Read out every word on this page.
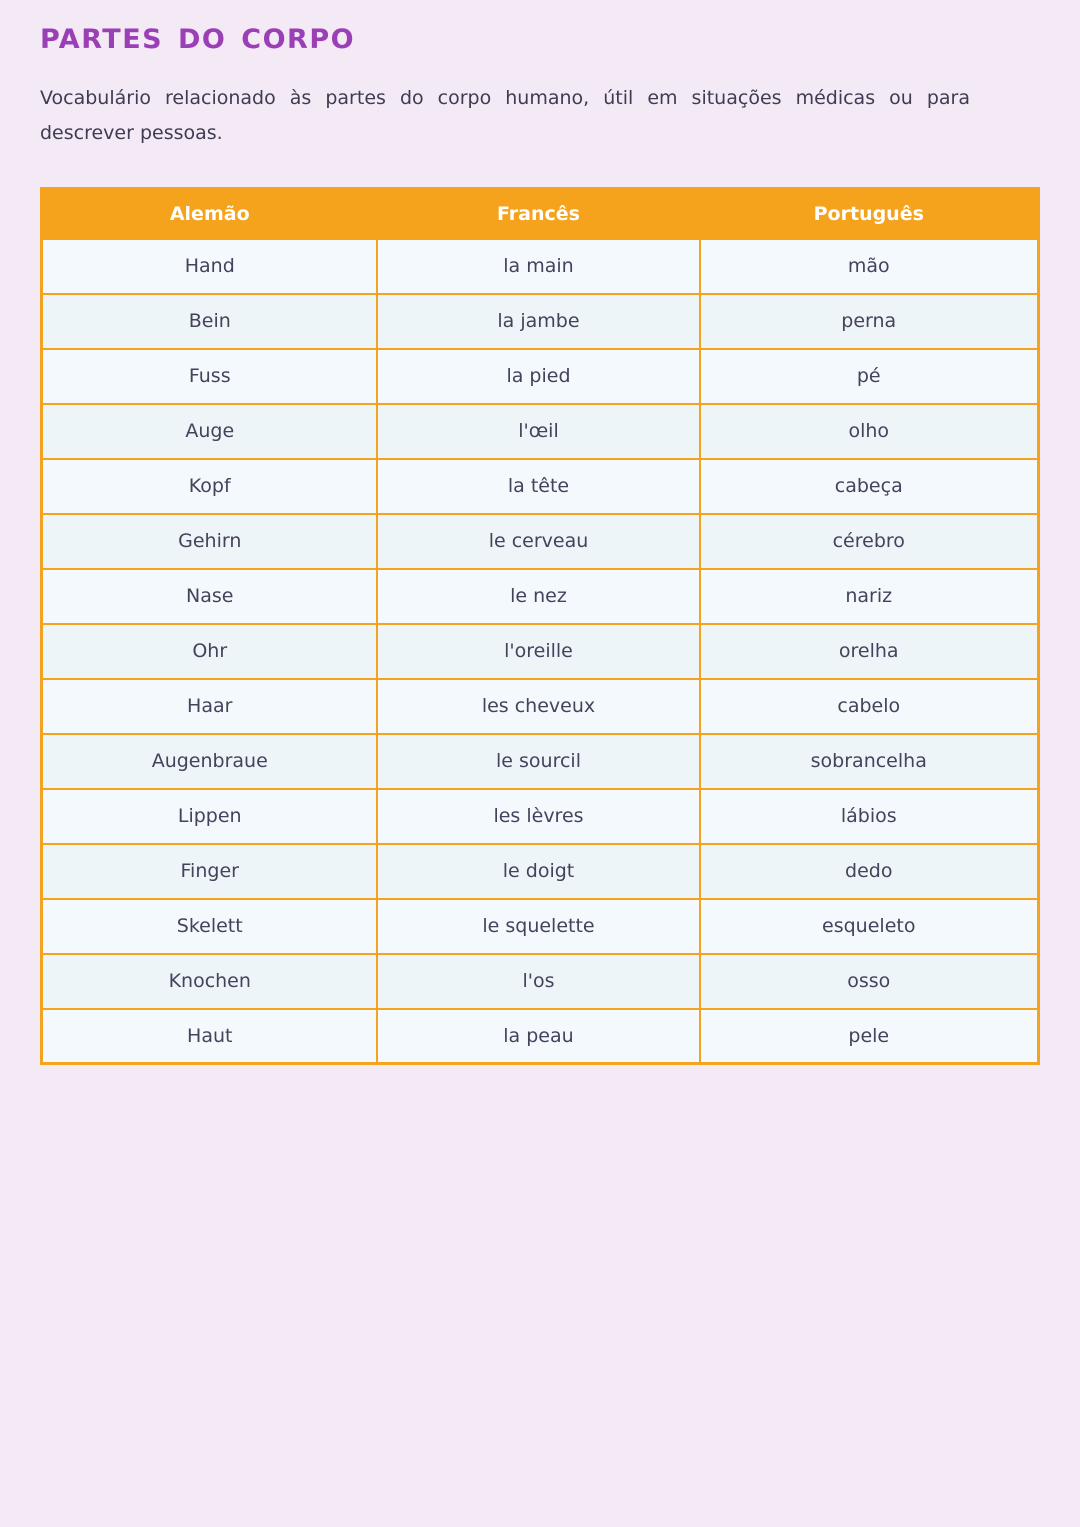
PARTES DO CORPO

Vocabulário relacionado às partes do corpo humano, útil em situações médicas ou para descrever pessoas.

Alemão	Francês	Português
Hand	la main	mão
Bein	la jambe	perna
Fuss	la pied	pé
Auge	l'œil	olho
Kopf	la tête	cabeça
Gehirn	le cerveau	cérebro
Nase	le nez	nariz
Ohr	l'oreille	orelha
Haar	les cheveux	cabelo
Augenbraue	le sourcil	sobrancelha
Lippen	les lèvres	lábios
Finger	le doigt	dedo
Skelett	le squelette	esqueleto
Knochen	l'os	osso
Haut	la peau	pele
